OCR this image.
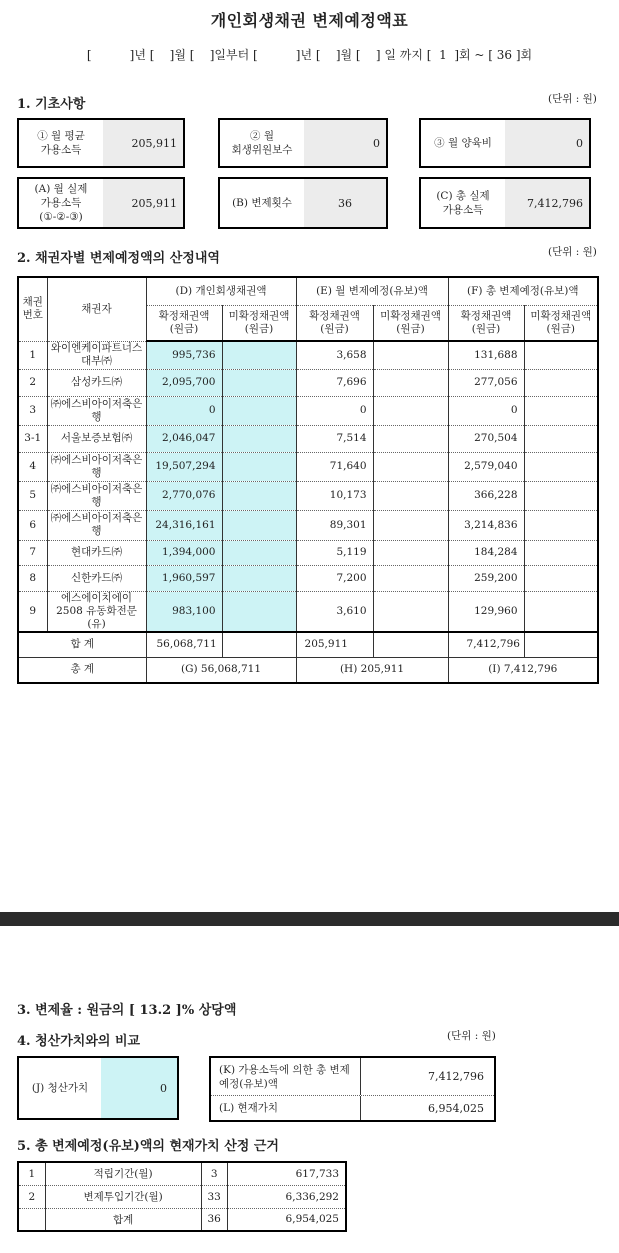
개인회생채권 변제예정액표
[          ]년 [    ]월 [    ]일부터 [          ]년 [    ]월 [    ] 일 까지 [  1  ]회 ~ [ 36 ]회
1. 기초사항	(단위 : 원)
① 월 평균
가용소득
205,911
② 월
회생위원보수
0	③ 월 양육비	0
(A) 월 실제
가용소득
(①-②-③)
205,911	(B) 변제횟수	36
(C) 총 실제
가용소득
7,412,796
2. 채권자별 변제예정액의 산정내역	(단위 : 원)
채권
번호	채권자	(D) 개인회생채권액		(E) 월 변제예정(유보)액		(F) 총 변제예정(유보)액	
		확정채권액
(원금)	미확정채권액
(원금)	확정채권액
(원금)	미확정채권액
(원금)	확정채권액
(원금)	미확정채권액
(원금)
1	와이엔케이파트너스
대부㈜	995,736		3,658		131,688	
2	삼성카드㈜	2,095,700		7,696		277,056	
3	㈜에스비아이저축은
행	0		0		0	
3-1	서울보증보험㈜	2,046,047		7,514		270,504	
4	㈜에스비아이저축은
행	19,507,294		71,640		2,579,040	
5	㈜에스비아이저축은
행	2,770,076		10,173		366,228	
6	㈜에스비아이저축은
행	24,316,161		89,301		3,214,836	
7	현대카드㈜	1,394,000		5,119		184,284	
8	신한카드㈜	1,960,597		7,200		259,200	
9	에스에이치에이
2508 유동화전문(유)	983,100		3,610		129,960	
합 계		56,068,711		205,911		7,412,796	
총 계		(G) 56,068,711		(H) 205,911		(I) 7,412,796	
3. 변제율 : 원금의 [ 13.2 ]% 상당액
4. 청산가치와의 비교	(단위 : 원)
(J) 청산가치	0
(K) 가용소득에 의한 총 변제
예정(유보)액
7,412,796
(L) 현재가치	6,954,025
5. 총 변제예정(유보)액의 현재가치 산정 근거
1	적립기간(월)	3	617,733
2	변제투입기간(월)	33	6,336,292
	합계	36	6,954,025
